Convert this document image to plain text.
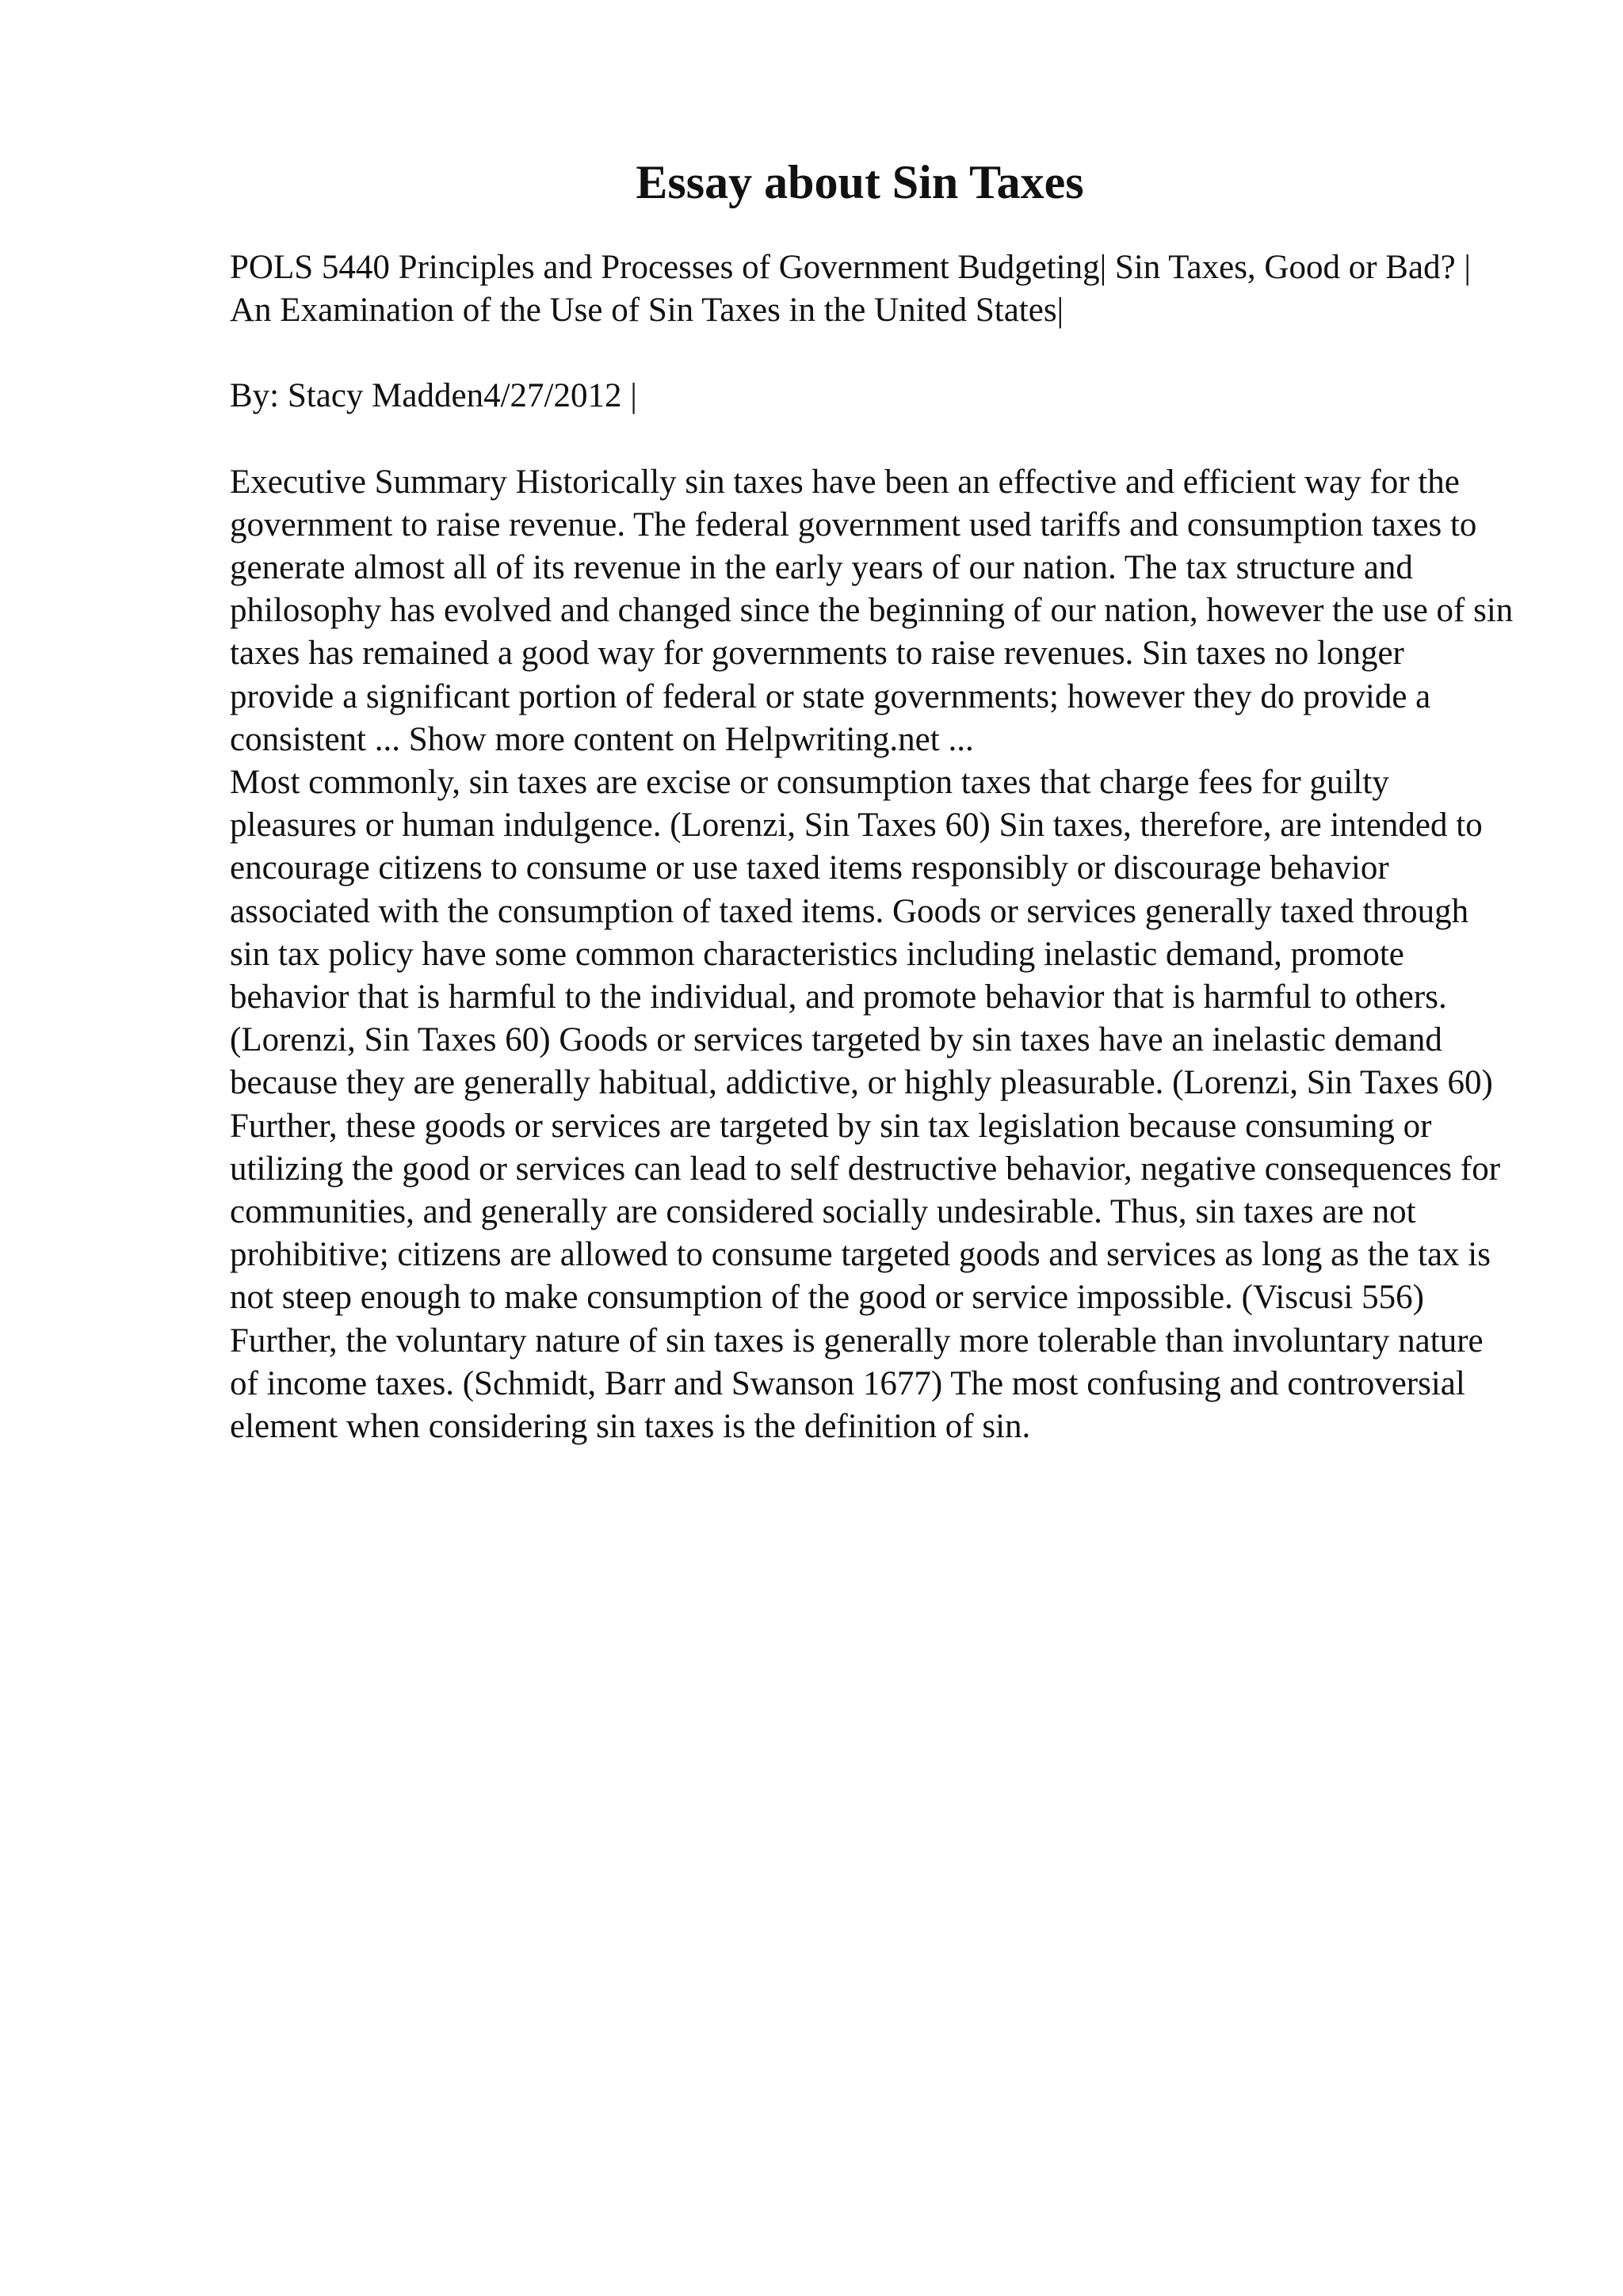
Essay about Sin Taxes

POLS 5440 Principles and Processes of Government Budgeting| Sin Taxes, Good or Bad? | An Examination of the Use of Sin Taxes in the United States|

By: Stacy Madden4/27/2012 |

Executive Summary Historically sin taxes have been an effective and efficient way for the government to raise revenue. The federal government used tariffs and consumption taxes to generate almost all of its revenue in the early years of our nation. The tax structure and philosophy has evolved and changed since the beginning of our nation, however the use of sin taxes has remained a good way for governments to raise revenues. Sin taxes no longer provide a significant portion of federal or state governments; however they do provide a consistent ... Show more content on Helpwriting.net ...

Most commonly, sin taxes are excise or consumption taxes that charge fees for guilty pleasures or human indulgence. (Lorenzi, Sin Taxes 60) Sin taxes, therefore, are intended to encourage citizens to consume or use taxed items responsibly or discourage behavior associated with the consumption of taxed items. Goods or services generally taxed through sin tax policy have some common characteristics including inelastic demand, promote behavior that is harmful to the individual, and promote behavior that is harmful to others. (Lorenzi, Sin Taxes 60) Goods or services targeted by sin taxes have an inelastic demand because they are generally habitual, addictive, or highly pleasurable. (Lorenzi, Sin Taxes 60) Further, these goods or services are targeted by sin tax legislation because consuming or utilizing the good or services can lead to self destructive behavior, negative consequences for communities, and generally are considered socially undesirable. Thus, sin taxes are not prohibitive; citizens are allowed to consume targeted goods and services as long as the tax is not steep enough to make consumption of the good or service impossible. (Viscusi 556) Further, the voluntary nature of sin taxes is generally more tolerable than involuntary nature of income taxes. (Schmidt, Barr and Swanson 1677) The most confusing and controversial element when considering sin taxes is the definition of sin.
